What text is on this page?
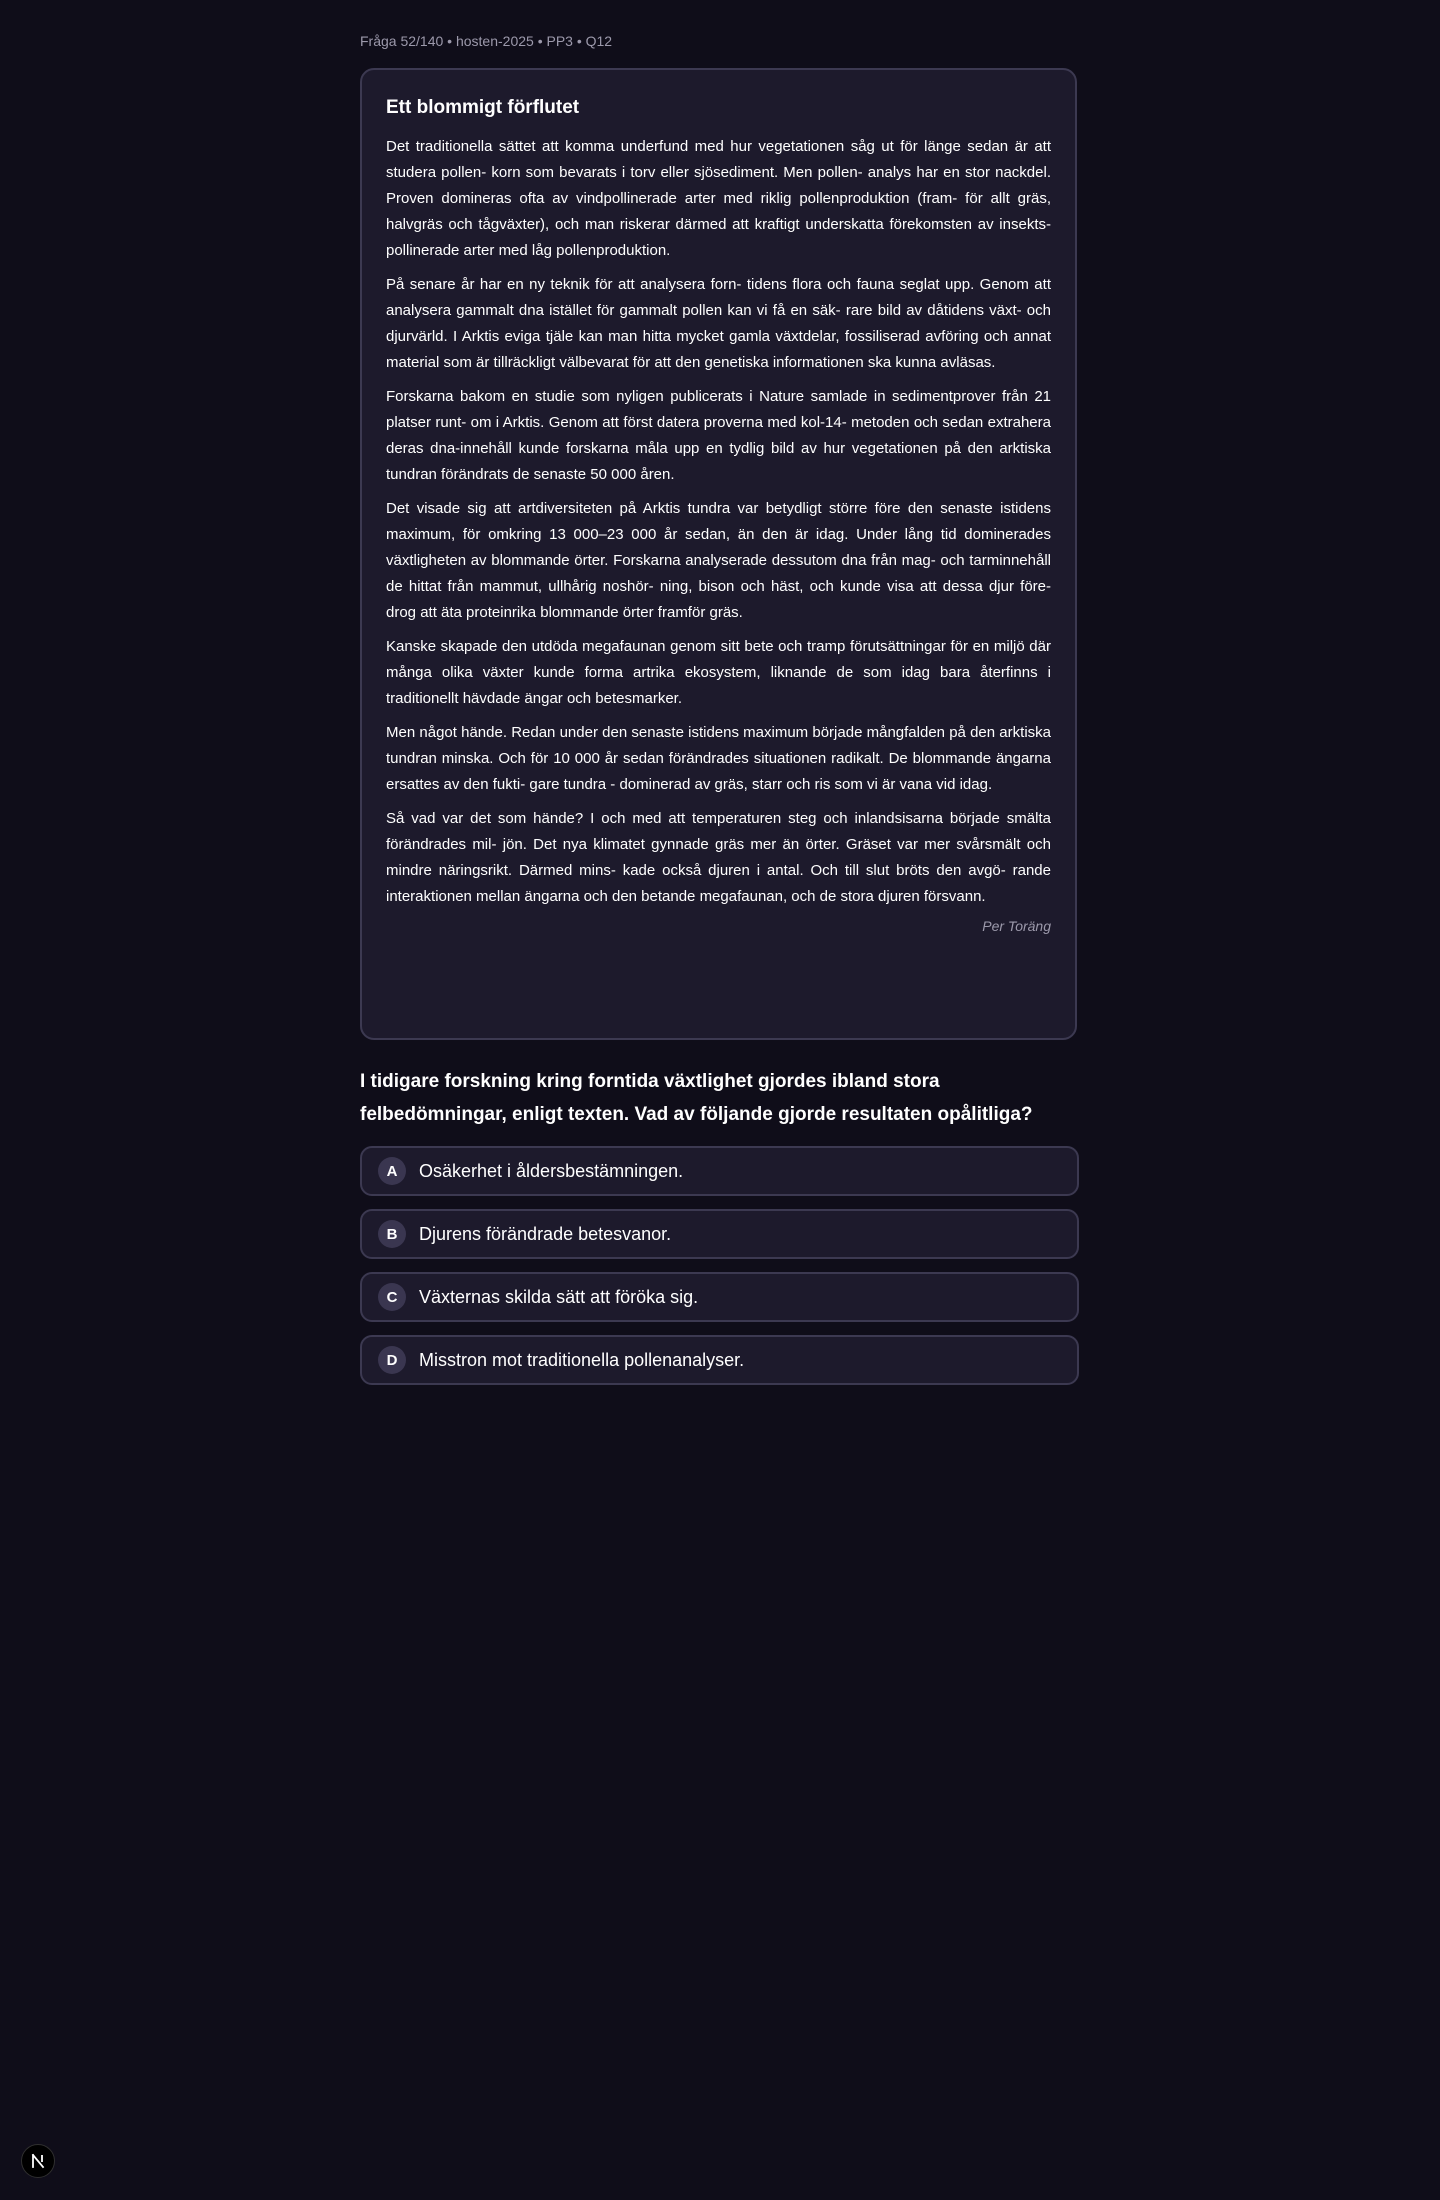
Fråga 52/140 • hosten-2025 • PP3 • Q12
Ett blommigt förflutet

Det traditionella sättet att komma underfund med hur vegetationen såg ut för länge sedan är att studera pollen- korn som bevarats i torv eller sjösediment. Men pollen- analys har en stor nackdel. Proven domineras ofta av vindpollinerade arter med riklig pollenproduktion (fram- för allt gräs, halvgräs och tågväxter), och man riskerar därmed att kraftigt underskatta förekomsten av insekts- pollinerade arter med låg pollenproduktion.

På senare år har en ny teknik för att analysera forn- tidens flora och fauna seglat upp. Genom att analysera gammalt dna istället för gammalt pollen kan vi få en säk- rare bild av dåtidens växt- och djurvärld. I Arktis eviga tjäle kan man hitta mycket gamla växtdelar, fossiliserad avföring och annat material som är tillräckligt välbevarat för att den genetiska informationen ska kunna avläsas.

Forskarna bakom en studie som nyligen publicerats i Nature samlade in sedimentprover från 21 platser runt- om i Arktis. Genom att först datera proverna med kol-14- metoden och sedan extrahera deras dna-innehåll kunde forskarna måla upp en tydlig bild av hur vegetationen på den arktiska tundran förändrats de senaste 50 000 åren.

Det visade sig att artdiversiteten på Arktis tundra var betydligt större före den senaste istidens maximum, för omkring 13 000–23 000 år sedan, än den är idag. Under lång tid dominerades växtligheten av blommande örter. Forskarna analyserade dessutom dna från mag- och tarminnehåll de hittat från mammut, ullhårig noshör- ning, bison och häst, och kunde visa att dessa djur före- drog att äta proteinrika blommande örter framför gräs.

Kanske skapade den utdöda megafaunan genom sitt bete och tramp förutsättningar för en miljö där många olika växter kunde forma artrika ekosystem, liknande de som idag bara återfinns i traditionellt hävdade ängar och betesmarker.

Men något hände. Redan under den senaste istidens maximum började mångfalden på den arktiska tundran minska. Och för 10 000 år sedan förändrades situationen radikalt. De blommande ängarna ersattes av den fukti- gare tundra - dominerad av gräs, starr och ris som vi är vana vid idag.

Så vad var det som hände? I och med att temperaturen steg och inlandsisarna började smälta förändrades mil- jön. Det nya klimatet gynnade gräs mer än örter. Gräset var mer svårsmält och mindre näringsrikt. Därmed mins- kade också djuren i antal. Och till slut bröts den avgö- rande interaktionen mellan ängarna och den betande megafaunan, och de stora djuren försvann.

Per Toräng
I tidigare forskning kring forntida växtlighet gjordes ibland stora felbedömningar, enligt texten. Vad av följande gjorde resultaten opålitliga?
A	Osäkerhet i åldersbestämningen.
B	Djurens förändrade betesvanor.
C	Växternas skilda sätt att föröka sig.
D	Misstron mot traditionella pollenanalyser.
